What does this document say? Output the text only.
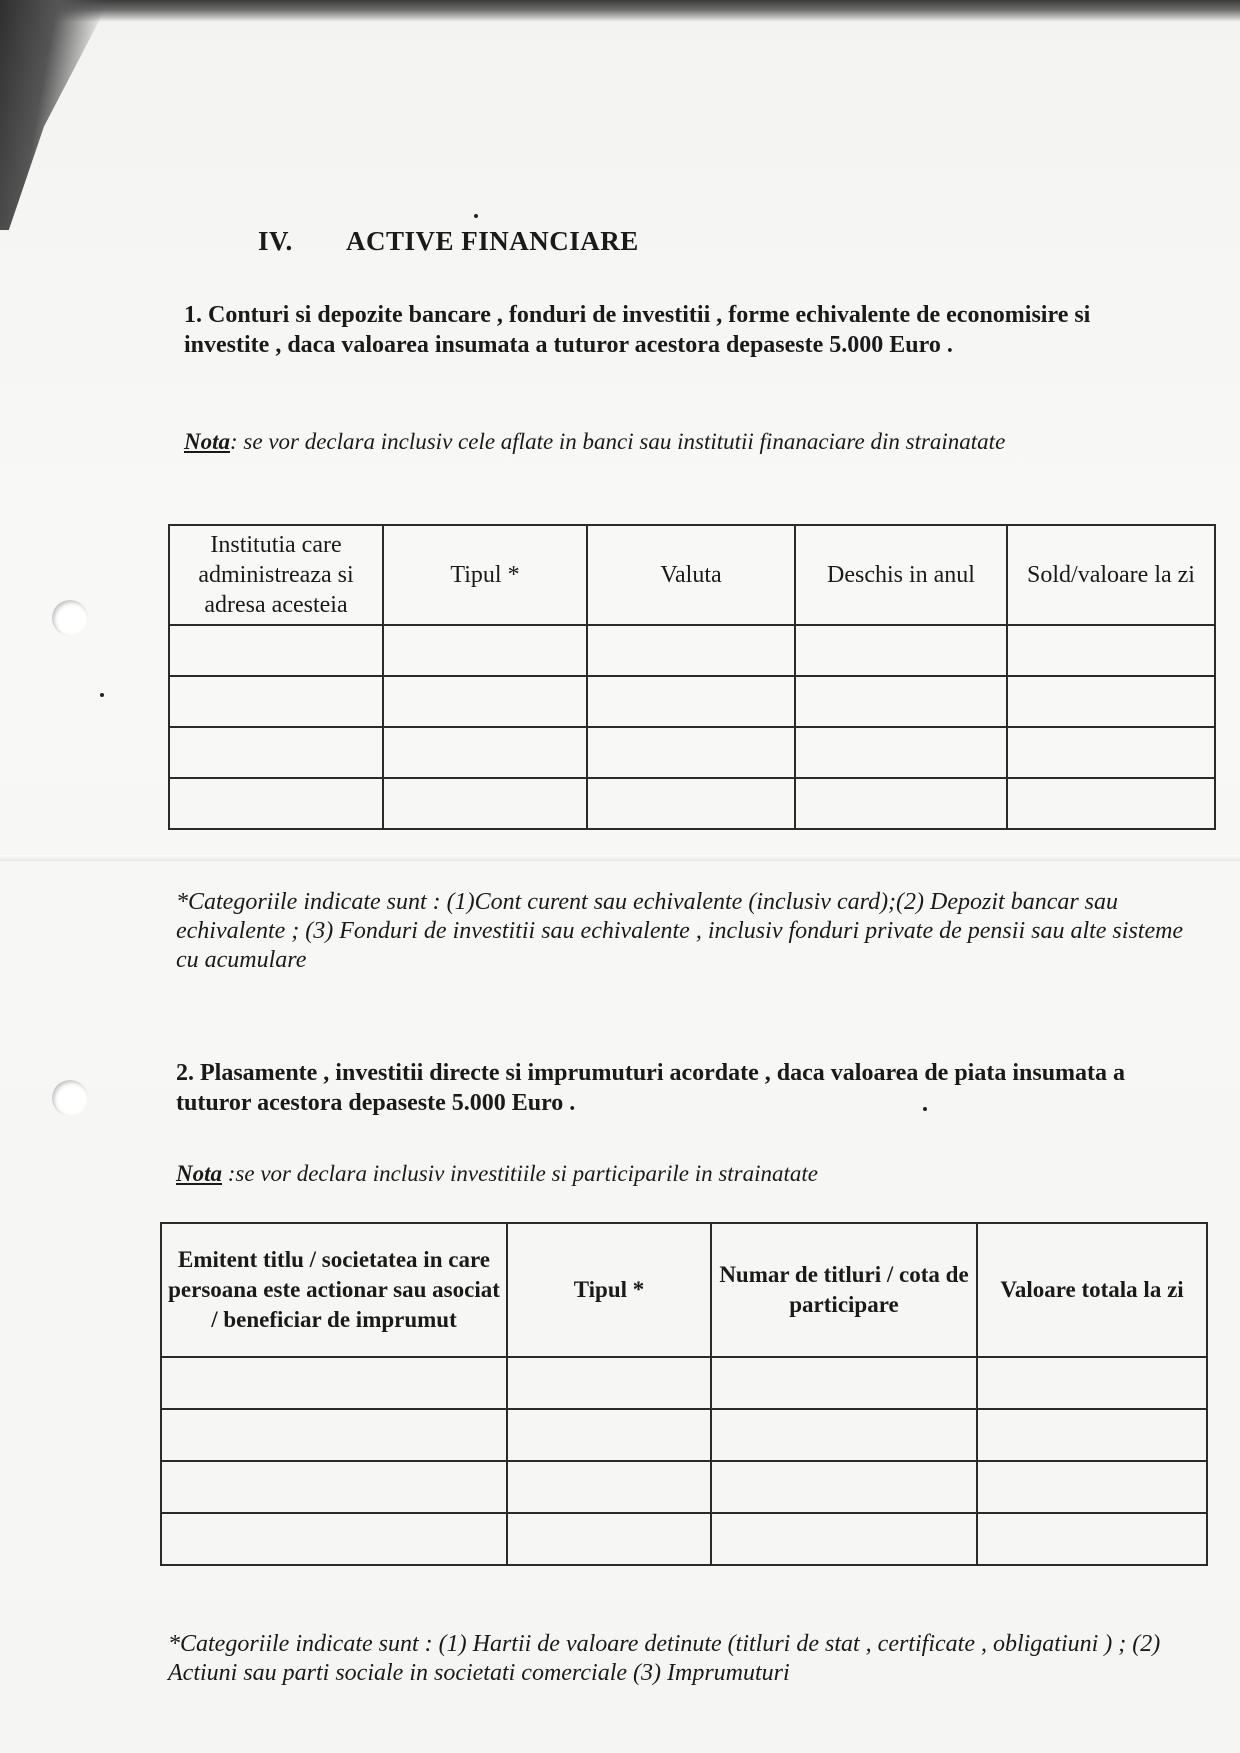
IV. ACTIVE FINANCIARE
1. Conturi si depozite bancare , fonduri de investitii , forme echivalente de economisire si investite , daca valoarea insumata a tuturor acestora depaseste 5.000 Euro .
Nota: se vor declara inclusiv cele aflate in banci sau institutii finanaciare din strainatate
Institutia care administreaza si adresa acesteia	Tipul *	Valuta	Deschis in anul	Sold/valoare la zi

*Categoriile indicate sunt : (1)Cont curent sau echivalente (inclusiv card);(2) Depozit bancar sau echivalente ; (3) Fonduri de investitii sau echivalente , inclusiv fonduri private de pensii sau alte sisteme cu acumulare
2. Plasamente , investitii directe si imprumuturi acordate , daca valoarea de piata insumata a tuturor acestora depaseste 5.000 Euro .
Nota :se vor declara inclusiv investitiile si participarile in strainatate
Emitent titlu / societatea in care persoana este actionar sau asociat / beneficiar de imprumut	Tipul *	Numar de titluri / cota de participare	Valoare totala la zi

*Categoriile indicate sunt : (1) Hartii de valoare detinute (titluri de stat , certificate , obligatiuni ) ; (2) Actiuni sau parti sociale in societati comerciale (3) Imprumuturi
